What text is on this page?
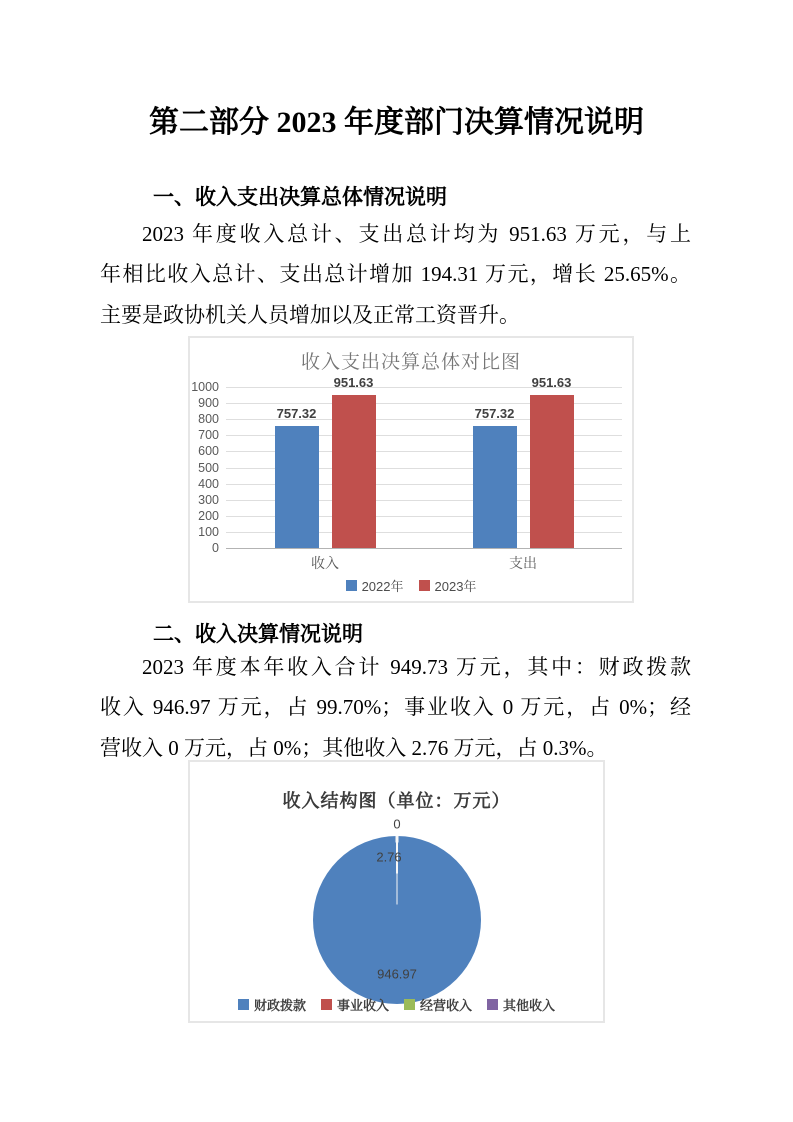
第二部分 2023 年度部门决算情况说明
一、收入支出决算总体情况说明
2023 年度收入总计、支出总计均为 951.63 万元，与上
年相比收入总计、支出总计增加 194.31 万元，增长 25.65%。
主要是政协机关人员增加以及正常工资晋升。
收入支出决算总体对比图
0
100
200
300
400
500
600
700
800
900
1000
757.32
951.63
收入
757.32
951.63
支出
2022年 2023年
二、收入决算情况说明
2023 年度本年收入合计 949.73 万元，其中：财政拨款
收入 946.97 万元，占 99.70%；事业收入 0 万元，占 0%；经
营收入 0 万元，占 0%；其他收入 2.76 万元，占 0.3%。
收入结构图（单位：万元）
财政拨款 事业收入 经营收入 其他收入
0
2.76
946.97
